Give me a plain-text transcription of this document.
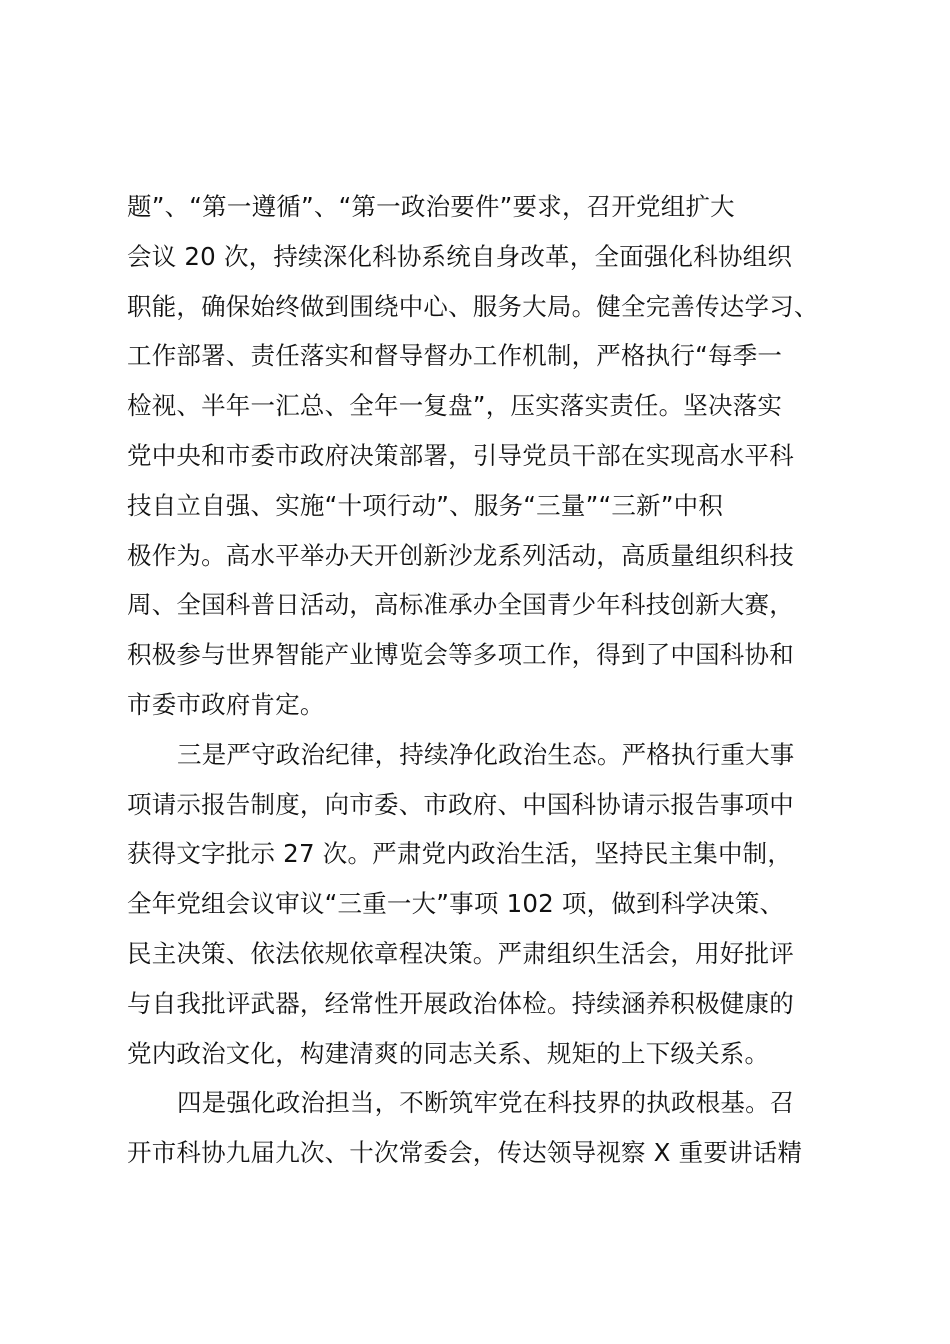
题”、“第一遵循”、“第一政治要件”要求，召开党组扩大
会议 20 次，持续深化科协系统自身改革，全面强化科协组织
职能，确保始终做到围绕中心、服务大局。健全完善传达学习、
工作部署、责任落实和督导督办工作机制，严格执行“每季一
检视、半年一汇总、全年一复盘”，压实落实责任。坚决落实
党中央和市委市政府决策部署，引导党员干部在实现高水平科
技自立自强、实施“十项行动”、服务“三量”“三新”中积
极作为。高水平举办天开创新沙龙系列活动，高质量组织科技
周、全国科普日活动，高标准承办全国青少年科技创新大赛，
积极参与世界智能产业博览会等多项工作，得到了中国科协和
市委市政府肯定。
三是严守政治纪律，持续净化政治生态。严格执行重大事
项请示报告制度，向市委、市政府、中国科协请示报告事项中
获得文字批示 27 次。严肃党内政治生活，坚持民主集中制，
全年党组会议审议“三重一大”事项 102 项，做到科学决策、
民主决策、依法依规依章程决策。严肃组织生活会，用好批评
与自我批评武器，经常性开展政治体检。持续涵养积极健康的
党内政治文化，构建清爽的同志关系、规矩的上下级关系。
四是强化政治担当，不断筑牢党在科技界的执政根基。召
开市科协九届九次、十次常委会，传达领导视察 X 重要讲话精
